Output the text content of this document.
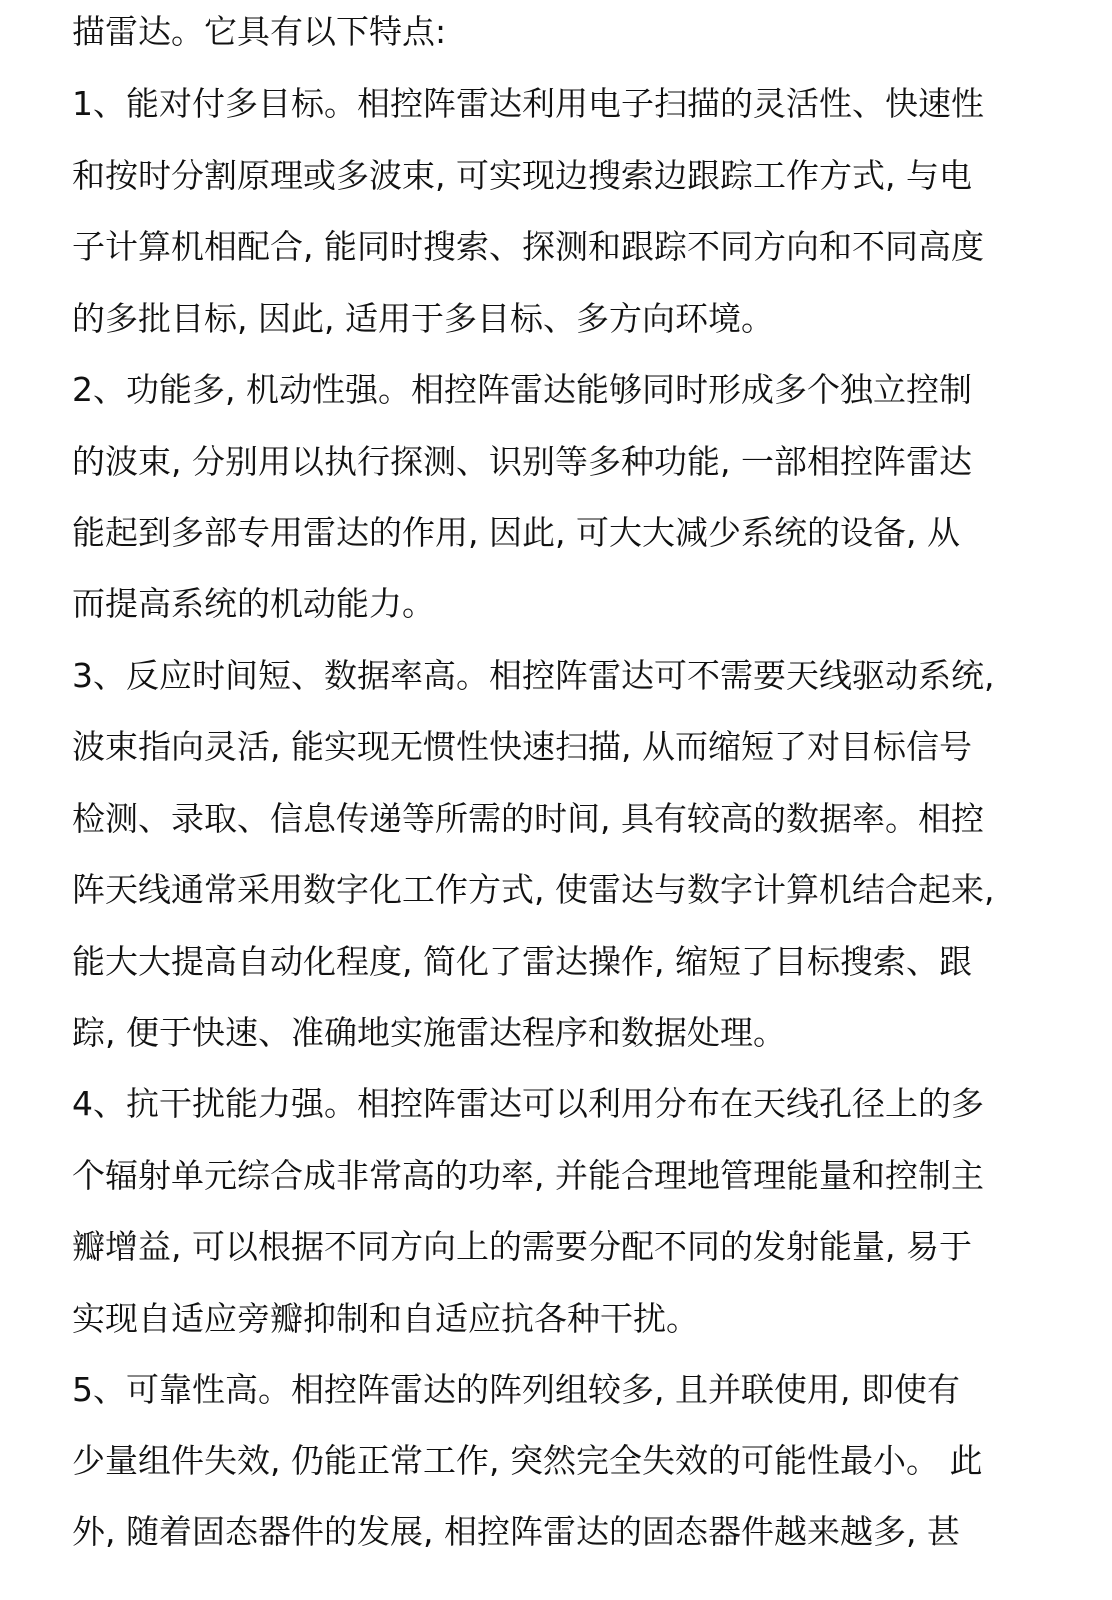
描雷达。它具有以下特点:

1、能对付多目标。相控阵雷达利用电子扫描的灵活性、快速性

和按时分割原理或多波束, 可实现边搜索边跟踪工作方式, 与电

子计算机相配合, 能同时搜索、探测和跟踪不同方向和不同高度

的多批目标, 因此, 适用于多目标、多方向环境。

2、功能多, 机动性强。相控阵雷达能够同时形成多个独立控制

的波束, 分别用以执行探测、识别等多种功能, 一部相控阵雷达

能起到多部专用雷达的作用, 因此, 可大大减少系统的设备, 从

而提高系统的机动能力。

3、反应时间短、数据率高。相控阵雷达可不需要天线驱动系统,

波束指向灵活, 能实现无惯性快速扫描, 从而缩短了对目标信号

检测、录取、信息传递等所需的时间, 具有较高的数据率。相控

阵天线通常采用数字化工作方式, 使雷达与数字计算机结合起来,

能大大提高自动化程度, 简化了雷达操作, 缩短了目标搜索、跟

踪, 便于快速、准确地实施雷达程序和数据处理。

4、抗干扰能力强。相控阵雷达可以利用分布在天线孔径上的多

个辐射单元综合成非常高的功率, 并能合理地管理能量和控制主

瓣增益, 可以根据不同方向上的需要分配不同的发射能量, 易于

实现自适应旁瓣抑制和自适应抗各种干扰。

5、可靠性高。相控阵雷达的阵列组较多, 且并联使用, 即使有

少量组件失效, 仍能正常工作, 突然完全失效的可能性最小。 此

外, 随着固态器件的发展, 相控阵雷达的固态器件越来越多, 甚
